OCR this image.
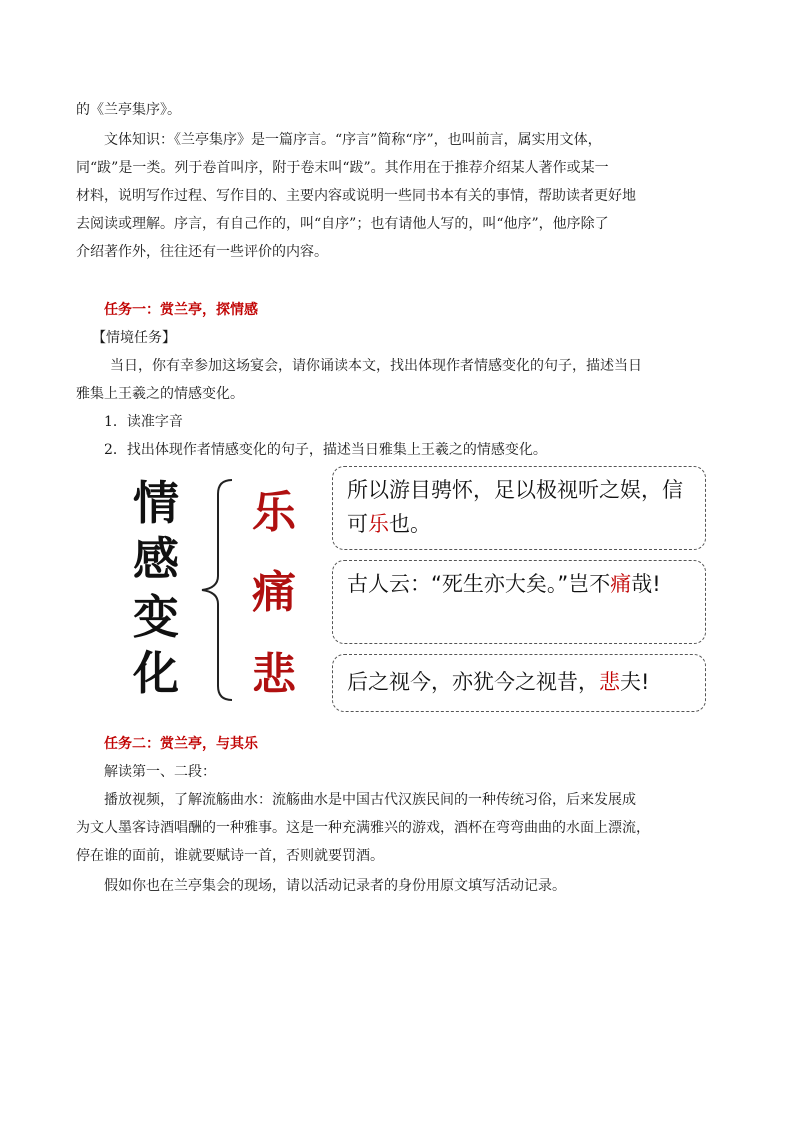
的《兰亭集序》。
文体知识：《兰亭集序》是一篇序言。“序言”简称“序”，也叫前言，属实用文体，
同“跋”是一类。列于卷首叫序，附于卷末叫“跋”。其作用在于推荐介绍某人著作或某一
材料，说明写作过程、写作目的、主要内容或说明一些同书本有关的事情，帮助读者更好地
去阅读或理解。序言，有自己作的，叫“自序”；也有请他人写的，叫“他序”，他序除了
介绍著作外，往往还有一些评价的内容。
任务一：赏兰亭，探情感
【情境任务】
当日，你有幸参加这场宴会，请你诵读本文，找出体现作者情感变化的句子，描述当日
雅集上王羲之的情感变化。
1．读准字音
2．找出体现作者情感变化的句子，描述当日雅集上王羲之的情感变化。
情
感
变
化
乐
痛
悲
所以游目骋怀，足以极视听之娱，信可乐也。
古人云：“死生亦大矣。”岂不痛哉!
后之视今，亦犹今之视昔，悲夫!
任务二：赏兰亭，与其乐
解读第一、二段：
播放视频，了解流觞曲水：流觞曲水是中国古代汉族民间的一种传统习俗，后来发展成
为文人墨客诗酒唱酬的一种雅事。这是一种充满雅兴的游戏，酒杯在弯弯曲曲的水面上漂流，
停在谁的面前，谁就要赋诗一首，否则就要罚酒。
假如你也在兰亭集会的现场，请以活动记录者的身份用原文填写活动记录。
